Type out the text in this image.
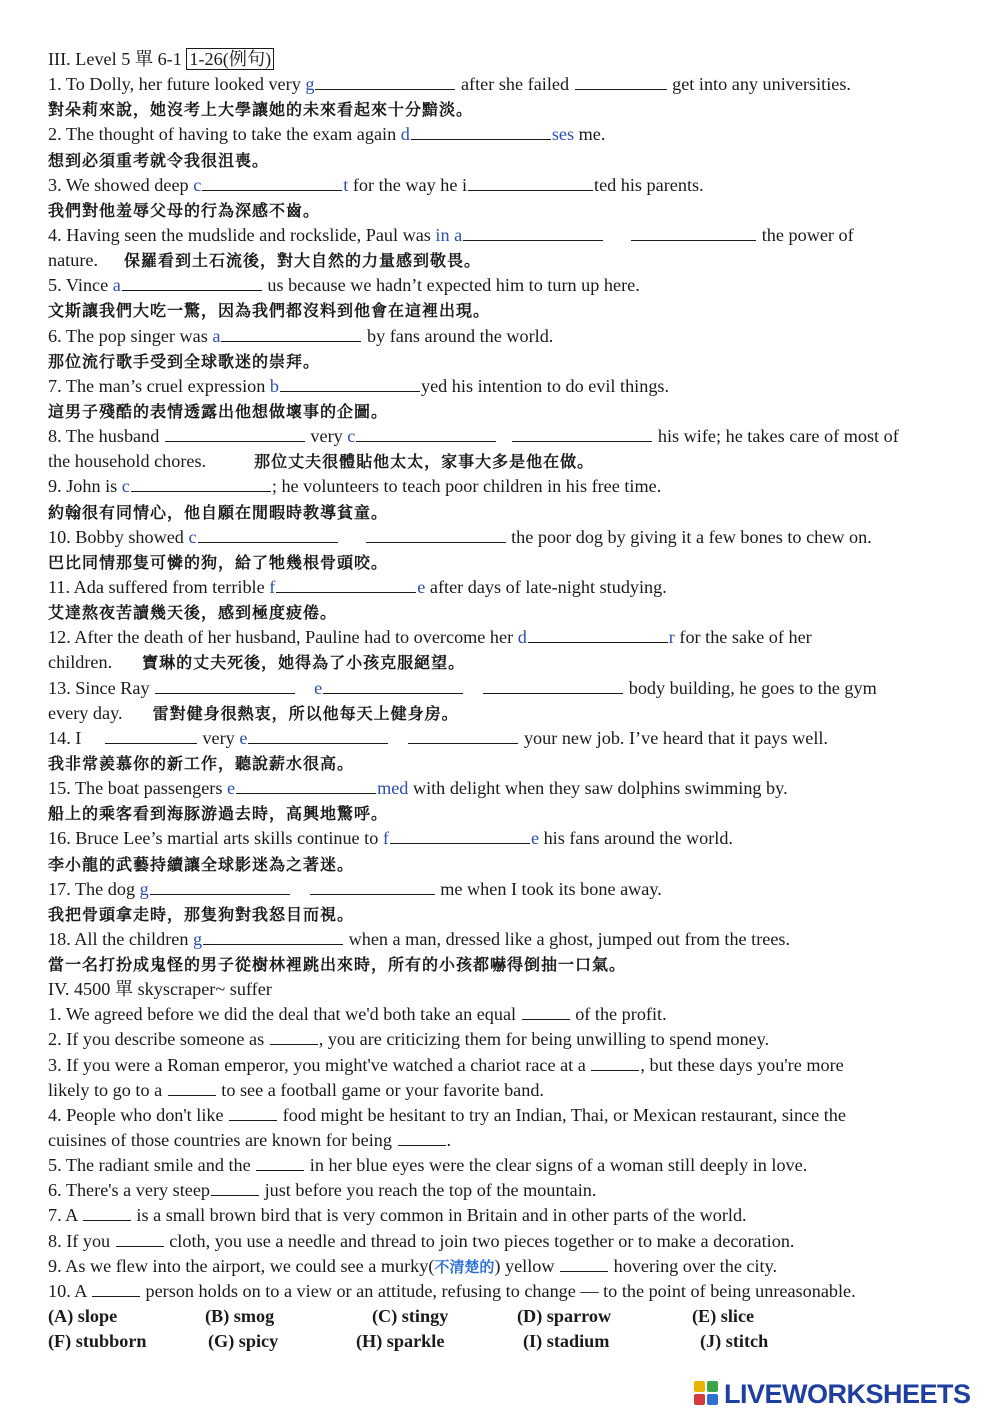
III. Level 5 單 6-1 1-26(例句)
1. To Dolly, her future looked very g	after she failed	get into any universities.
對朵莉來說，她沒考上大學讓她的未來看起來十分黯淡。
2. The thought of having to take the exam again d	ses me.
想到必須重考就令我很沮喪。
3. We showed deep c	t for the way he i	ted his parents.
我們對他羞辱父母的行為深感不齒。
4. Having seen the mudslide and rockslide, Paul was in a	the power of
nature. 保羅看到土石流後，對大自然的力量感到敬畏。
5. Vince a	us because we hadn’t expected him to turn up here.
文斯讓我們大吃一驚，因為我們都沒料到他會在這裡出現。
6. The pop singer was a	by fans around the world.
那位流行歌手受到全球歌迷的崇拜。
7. The man’s cruel expression b	yed his intention to do evil things.
這男子殘酷的表情透露出他想做壞事的企圖。
8. The husband	very c	his wife; he takes care of most of
the household chores.	那位丈夫很體貼他太太，家事大多是他在做。
9. John is c	; he volunteers to teach poor children in his free time.
約翰很有同情心，他自願在閒暇時教導貧童。
10. Bobby showed c	the poor dog by giving it a few bones to chew on.
巴比同情那隻可憐的狗，給了牠幾根骨頭咬。
11. Ada suffered from terrible f	e after days of late-night studying.
艾達熬夜苦讀幾天後，感到極度疲倦。
12. After the death of her husband, Pauline had to overcome her d	r for the sake of her
children. 寶琳的丈夫死後，她得為了小孩克服絕望。
13. Since Ray	e	body building, he goes to the gym
every day. 雷對健身很熱衷，所以他每天上健身房。
14. I	very e	your new job. I’ve heard that it pays well.
我非常羨慕你的新工作，聽說薪水很高。
15. The boat passengers e	med with delight when they saw dolphins swimming by.
船上的乘客看到海豚游過去時，高興地驚呼。
16. Bruce Lee’s martial arts skills continue to f	e his fans around the world.
李小龍的武藝持續讓全球影迷為之著迷。
17. The dog g	me when I took its bone away.
我把骨頭拿走時，那隻狗對我怒目而視。
18. All the children g	when a man, dressed like a ghost, jumped out from the trees.
當一名打扮成鬼怪的男子從樹林裡跳出來時，所有的小孩都嚇得倒抽一口氣。
IV. 4500 單 skyscraper~ suffer
1. We agreed before we did the deal that we'd both take an equal	of the profit.
2. If you describe someone as	, you are criticizing them for being unwilling to spend money.
3. If you were a Roman emperor, you might've watched a chariot race at a	, but these days you're more
likely to go to a	to see a football game or your favorite band.
4. People who don't like	food might be hesitant to try an Indian, Thai, or Mexican restaurant, since the
cuisines of those countries are known for being	.
5. The radiant smile and the	in her blue eyes were the clear signs of a woman still deeply in love.
6. There's a very steep	just before you reach the top of the mountain.
7. A	is a small brown bird that is very common in Britain and in other parts of the world.
8. If you	cloth, you use a needle and thread to join two pieces together or to make a decoration.
9. As we flew into the airport, we could see a murky(不清楚的) yellow	hovering over the city.
10. A	person holds on to a view or an attitude, refusing to change — to the point of being unreasonable.
(A) slope	(B) smog	(C) stingy	(D) sparrow	(E) slice
(F) stubborn	(G) spicy	(H) sparkle	(I) stadium	(J) stitch
LIVEWORKSHEETS
